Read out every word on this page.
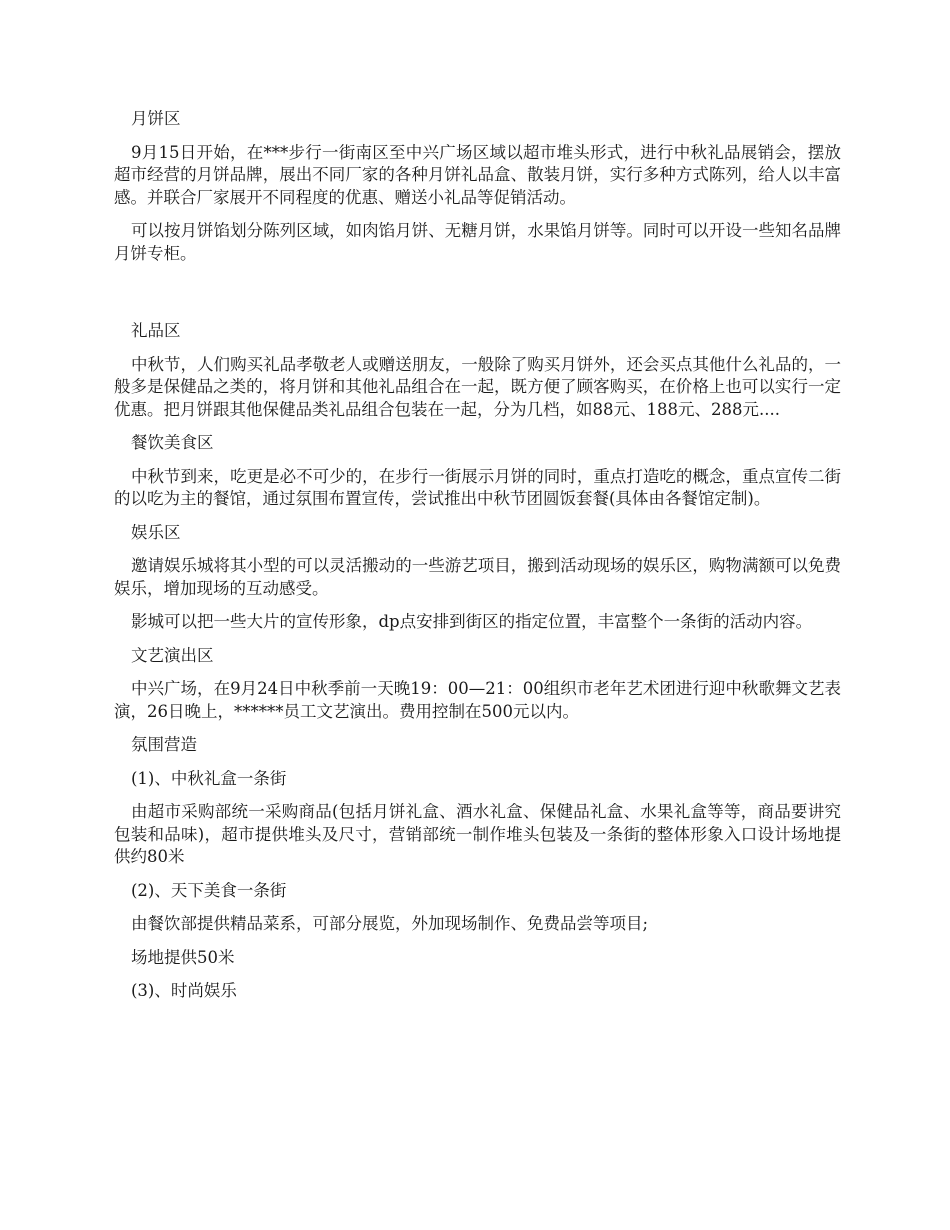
月饼区

9月15日开始，在***步行一街南区至中兴广场区域以超市堆头形式，进行中秋礼品展销会，摆放超市经营的月饼品牌，展出不同厂家的各种月饼礼品盒、散装月饼，实行多种方式陈列，给人以丰富感。并联合厂家展开不同程度的优惠、赠送小礼品等促销活动。

可以按月饼馅划分陈列区域，如肉馅月饼、无糖月饼，水果馅月饼等。同时可以开设一些知名品牌月饼专柜。

礼品区

中秋节，人们购买礼品孝敬老人或赠送朋友，一般除了购买月饼外，还会买点其他什么礼品的，一般多是保健品之类的，将月饼和其他礼品组合在一起，既方便了顾客购买，在价格上也可以实行一定优惠。把月饼跟其他保健品类礼品组合包装在一起，分为几档，如88元、188元、288元....

餐饮美食区

中秋节到来，吃更是必不可少的，在步行一街展示月饼的同时，重点打造吃的概念，重点宣传二街的以吃为主的餐馆，通过氛围布置宣传，尝试推出中秋节团圆饭套餐(具体由各餐馆定制)。

娱乐区

邀请娱乐城将其小型的可以灵活搬动的一些游艺项目，搬到活动现场的娱乐区，购物满额可以免费娱乐，增加现场的互动感受。

影城可以把一些大片的宣传形象，dp点安排到街区的指定位置，丰富整个一条街的活动内容。

文艺演出区

中兴广场，在9月24日中秋季前一天晚19：00—21：00组织市老年艺术团进行迎中秋歌舞文艺表演，26日晚上，******员工文艺演出。费用控制在500元以内。

氛围营造

(1)、中秋礼盒一条街

由超市采购部统一采购商品(包括月饼礼盒、酒水礼盒、保健品礼盒、水果礼盒等等，商品要讲究包装和品味)，超市提供堆头及尺寸，营销部统一制作堆头包装及一条街的整体形象入口设计场地提供约80米

(2)、天下美食一条街

由餐饮部提供精品菜系，可部分展览，外加现场制作、免费品尝等项目;

场地提供50米

(3)、时尚娱乐
